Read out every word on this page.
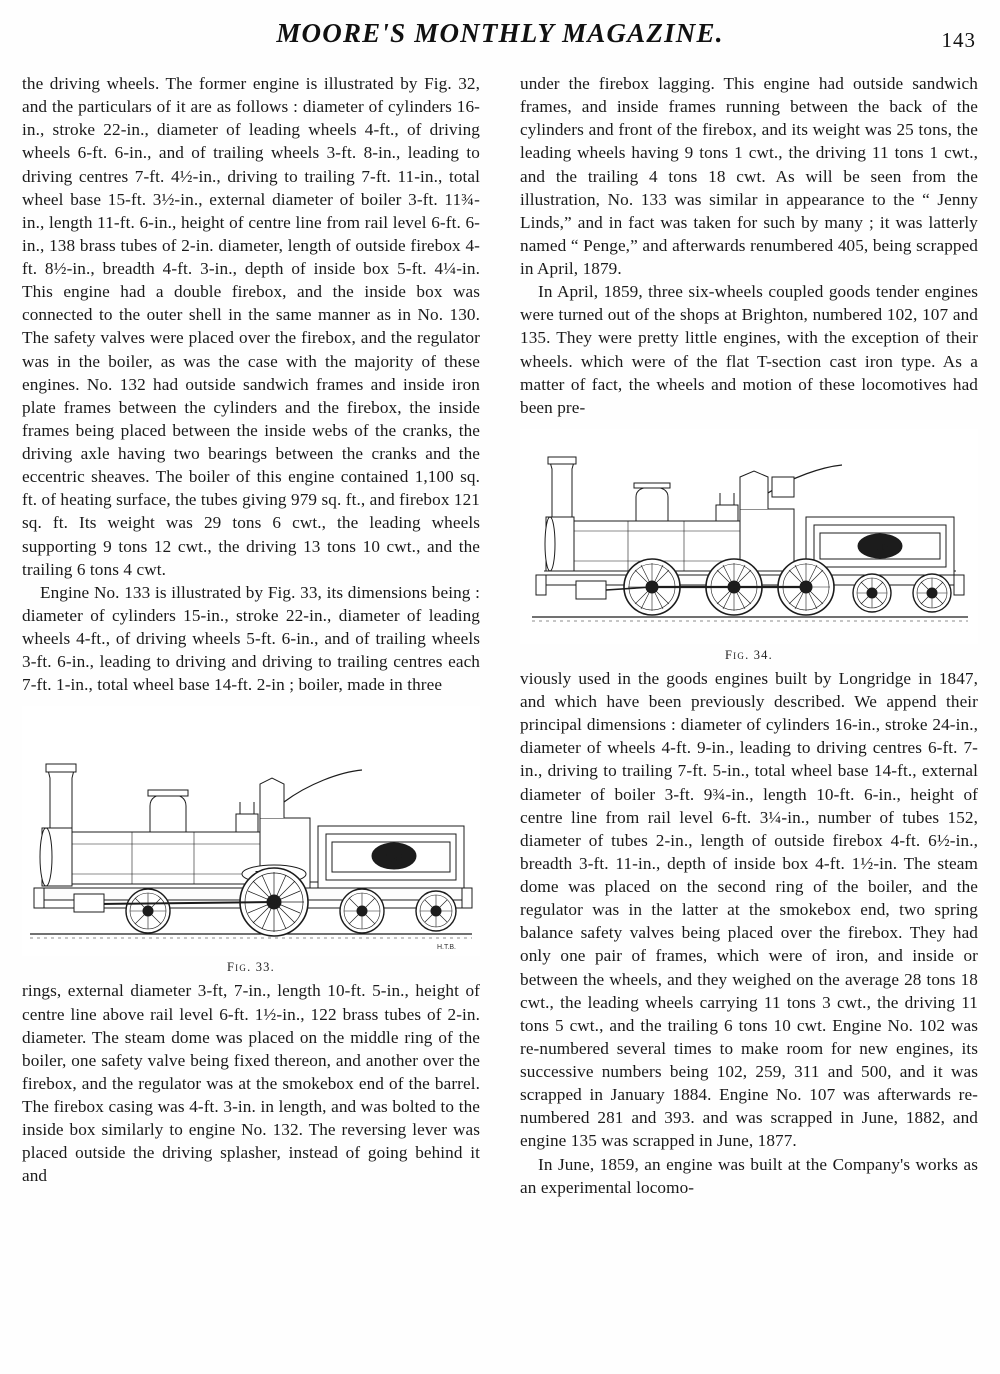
MOORE'S MONTHLY MAGAZINE.	143

the driving wheels. The former engine is illustrated by Fig. 32, and the particulars of it are as follows : diameter of cylinders 16-in., stroke 22-in., diameter of leading wheels 4-ft., of driving wheels 6-ft. 6-in., and of trailing wheels 3-ft. 8-in., leading to driving centres 7-ft. 4½-in., driving to trailing 7-ft. 11-in., total wheel base 15-ft. 3½-in., external diameter of boiler 3-ft. 11¾-in., length 11-ft. 6-in., height of centre line from rail level 6-ft. 6-in., 138 brass tubes of 2-in. diameter, length of outside firebox 4-ft. 8½-in., breadth 4-ft. 3-in., depth of inside box 5-ft. 4¼-in. This engine had a double firebox, and the inside box was connected to the outer shell in the same manner as in No. 130. The safety valves were placed over the firebox, and the regulator was in the boiler, as was the case with the majority of these engines. No. 132 had outside sandwich frames and inside iron plate frames between the cylinders and the firebox, the inside frames being placed between the inside webs of the cranks, the driving axle having two bearings between the cranks and the eccentric sheaves. The boiler of this engine contained 1,100 sq. ft. of heating surface, the tubes giving 979 sq. ft., and firebox 121 sq. ft. Its weight was 29 tons 6 cwt., the leading wheels supporting 9 tons 12 cwt., the driving 13 tons 10 cwt., and the trailing 6 tons 4 cwt.

Engine No. 133 is illustrated by Fig. 33, its dimensions being : diameter of cylinders 15-in., stroke 22-in., diameter of leading wheels 4-ft., of driving wheels 5-ft. 6-in., and of trailing wheels 3-ft. 6-in., leading to driving and driving to trailing centres each 7-ft. 1-in., total wheel base 14-ft. 2-in ; boiler, made in three

133
H.T.B.
Fig. 33.

rings, external diameter 3-ft, 7-in., length 10-ft. 5-in., height of centre line above rail level 6-ft. 1½-in., 122 brass tubes of 2-in. diameter. The steam dome was placed on the middle ring of the boiler, one safety valve being fixed thereon, and another over the firebox, and the regulator was at the smokebox end of the barrel. The firebox casing was 4-ft. 3-in. in length, and was bolted to the inside box similarly to engine No. 132. The reversing lever was placed outside the driving splasher, instead of going behind it and

under the firebox lagging. This engine had outside sandwich frames, and inside frames running between the back of the cylinders and front of the firebox, and its weight was 25 tons, the leading wheels having 9 tons 1 cwt., the driving 11 tons 1 cwt., and the trailing 4 tons 18 cwt. As will be seen from the illustration, No. 133 was similar in appearance to the “ Jenny Linds,” and in fact was taken for such by many ; it was latterly named “ Penge,” and afterwards renumbered 405, being scrapped in April, 1879.

In April, 1859, three six-wheels coupled goods tender engines were turned out of the shops at Brighton, numbered 102, 107 and 135. They were pretty little engines, with the exception of their wheels. which were of the flat T-section cast iron type. As a matter of fact, the wheels and motion of these locomotives had been pre-

136
Fig. 34.

viously used in the goods engines built by Longridge in 1847, and which have been previously described. We append their principal dimensions : diameter of cylinders 16-in., stroke 24-in., diameter of wheels 4-ft. 9-in., leading to driving centres 6-ft. 7-in., driving to trailing 7-ft. 5-in., total wheel base 14-ft., external diameter of boiler 3-ft. 9¾-in., length 10-ft. 6-in., height of centre line from rail level 6-ft. 3¼-in., number of tubes 152, diameter of tubes 2-in., length of outside firebox 4-ft. 6½-in., breadth 3-ft. 11-in., depth of inside box 4-ft. 1½-in. The steam dome was placed on the second ring of the boiler, and the regulator was in the latter at the smokebox end, two spring balance safety valves being placed over the firebox. They had only one pair of frames, which were of iron, and inside or between the wheels, and they weighed on the average 28 tons 18 cwt., the leading wheels carrying 11 tons 3 cwt., the driving 11 tons 5 cwt., and the trailing 6 tons 10 cwt. Engine No. 102 was re-numbered several times to make room for new engines, its successive numbers being 102, 259, 311 and 500, and it was scrapped in January 1884. Engine No. 107 was afterwards re-numbered 281 and 393. and was scrapped in June, 1882, and engine 135 was scrapped in June, 1877.

In June, 1859, an engine was built at the Company's works as an experimental locomo-
